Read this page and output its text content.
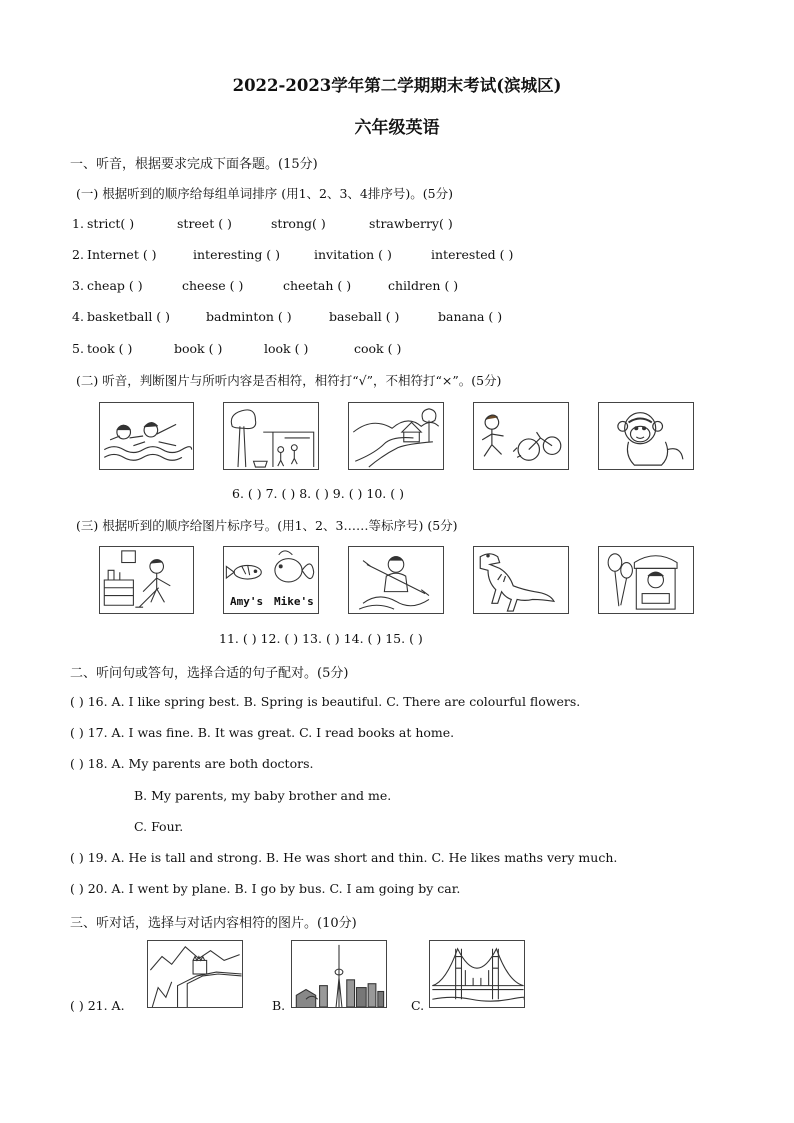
2022-2023学年第二学期期末考试(滨城区)
六年级英语
一、听音，根据要求完成下面各题。(15分)
(一) 根据听到的顺序给每组单词排序 (用1、2、3、4排序号)。(5分)
1. strict( )	street ( )	strong( )	strawberry( )
2. Internet ( )	interesting ( )	invitation ( )	interested ( )
3. cheap ( )	cheese ( )	cheetah ( )	children ( )
4. basketball ( )	badminton ( )	baseball ( )	banana ( )
5. took ( )	book ( )	look ( )	cook ( )
(二) 听音，判断图片与所听内容是否相符，相符打“√”，不相符打“×”。(5分)
6. ( ) 7. ( ) 8. ( ) 9. ( ) 10. ( )
(三) 根据听到的顺序给图片标序号。(用1、2、3……等标序号) (5分)
Amy's Mike's
11. ( ) 12. ( ) 13. ( ) 14. ( ) 15. ( )
二、听问句或答句，选择合适的句子配对。(5分)
( ) 16. A. I like spring best. B. Spring is beautiful. C. There are colourful flowers.
( ) 17. A. I was fine. B. It was great. C. I read books at home.
( ) 18. A. My parents are both doctors.
B. My parents, my baby brother and me.
C. Four.
( ) 19. A. He is tall and strong. B. He was short and thin. C. He likes maths very much.
( ) 20. A. I went by plane. B. I go by bus. C. I am going by car.
三、听对话，选择与对话内容相符的图片。(10分)
( ) 21. A.	B.	C.
